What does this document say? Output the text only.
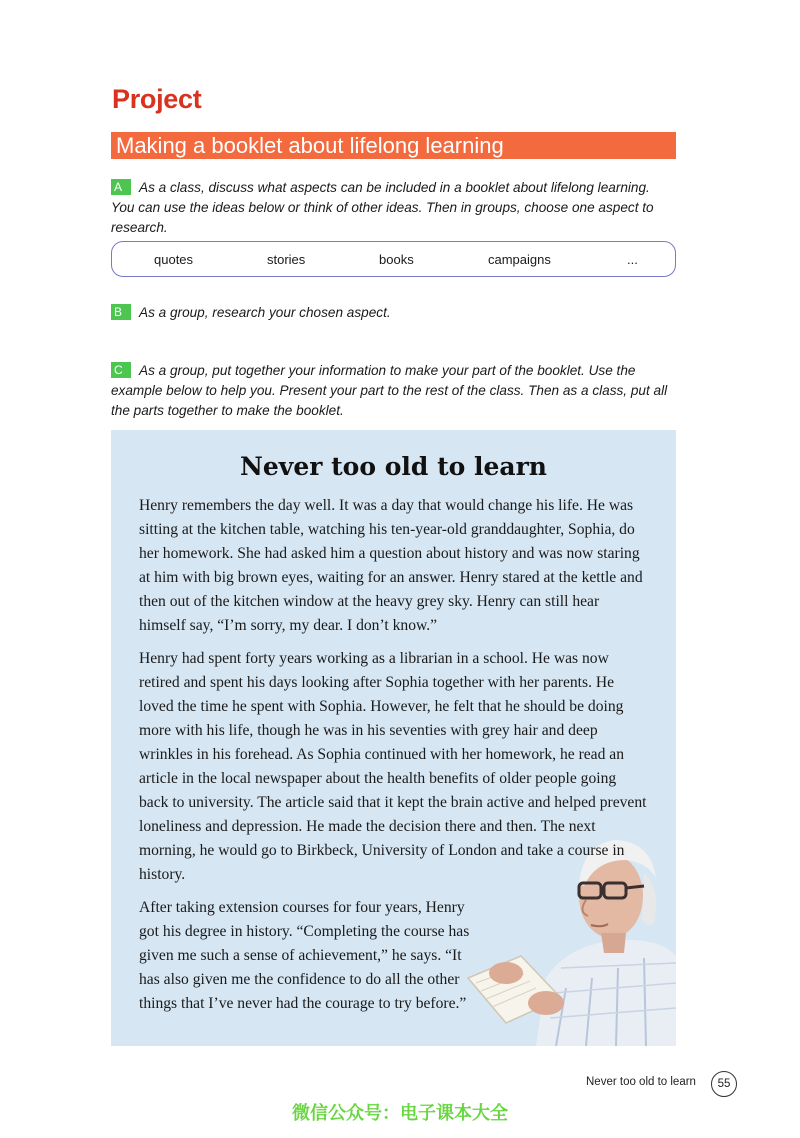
Project
Making a booklet about lifelong learning
A As a class, discuss what aspects can be included in a booklet about lifelong learning. You can use the ideas below or think of other ideas. Then in groups, choose one aspect to research.
quotes	stories	books	campaigns	...
B As a group, research your chosen aspect.
C As a group, put together your information to make your part of the booklet. Use the example below to help you. Present your part to the rest of the class. Then as a class, put all the parts together to make the booklet.
Never too old to learn

Henry remembers the day well. It was a day that would change his life. He was sitting at the kitchen table, watching his ten-year-old granddaughter, Sophia, do her homework. She had asked him a question about history and was now staring at him with big brown eyes, waiting for an answer. Henry stared at the kettle and then out of the kitchen window at the heavy grey sky. Henry can still hear himself say, “I’m sorry, my dear. I don’t know.”

Henry had spent forty years working as a librarian in a school. He was now retired and spent his days looking after Sophia together with her parents. He loved the time he spent with Sophia. However, he felt that he should be doing more with his life, though he was in his seventies with grey hair and deep wrinkles in his forehead. As Sophia continued with her homework, he read an article in the local newspaper about the health benefits of older people going back to university. The article said that it kept the brain active and helped prevent loneliness and depression. He made the decision there and then. The next morning, he would go to Birkbeck, University of London and take a course in history.

After taking extension courses for four years, Henry got his degree in history. “Completing the course has given me such a sense of achievement,” he says. “It has also given me the confidence to do all the other things that I’ve never had the courage to try before.”

Never too old to learn	55
微信公众号：电子课本大全
